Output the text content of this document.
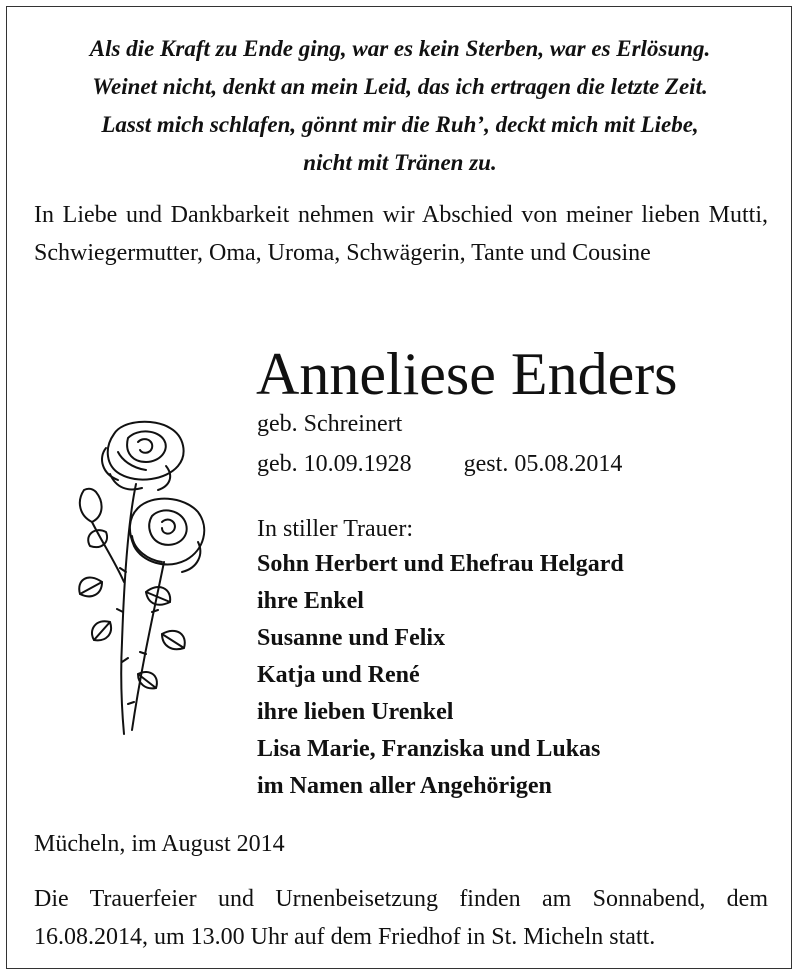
Als die Kraft zu Ende ging, war es kein Sterben, war es Erlösung.
Weinet nicht, denkt an mein Leid, das ich ertragen die letzte Zeit.
Lasst mich schlafen, gönnt mir die Ruh’, deckt mich mit Liebe,
nicht mit Tränen zu.
In Liebe und Dankbarkeit nehmen wir Abschied von meiner lieben Mutti, Schwiegermutter, Oma, Uroma, Schwägerin, Tante und Cousine
Anneliese Enders
geb. Schreinert
geb. 10.09.1928 gest. 05.08.2014
In stiller Trauer:
Sohn Herbert und Ehefrau Helgard
ihre Enkel
Susanne und Felix
Katja und René
ihre lieben Urenkel
Lisa Marie, Franziska und Lukas
im Namen aller Angehörigen
Mücheln, im August 2014
Die Trauerfeier und Urnenbeisetzung finden am Sonnabend, dem 16.08.2014, um 13.00 Uhr auf dem Friedhof in St. Micheln statt.
